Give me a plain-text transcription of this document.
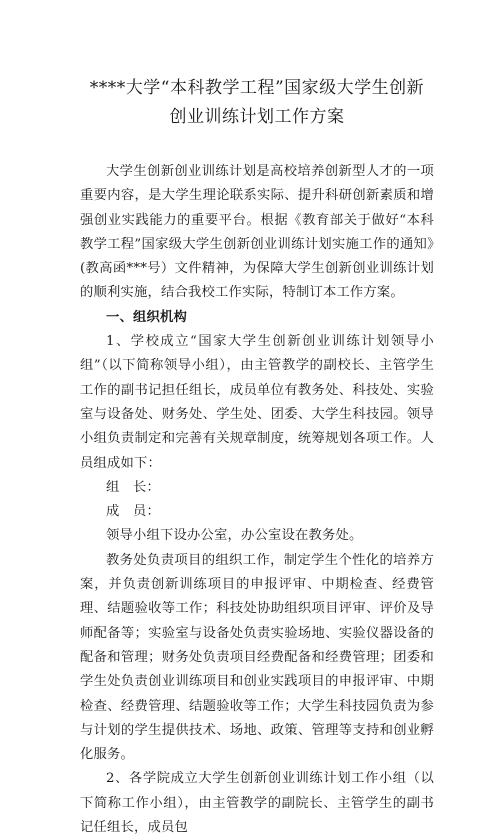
****大学“本科教学工程”国家级大学生创新
创业训练计划工作方案

大学生创新创业训练计划是高校培养创新型人才的一项重要内容，是大学生理论联系实际、提升科研创新素质和增强创业实践能力的重要平台。根据《教育部关于做好“本科教学工程”国家级大学生创新创业训练计划实施工作的通知》(教高函***号）文件精神，为保障大学生创新创业训练计划的顺利实施，结合我校工作实际，特制订本工作方案。

一、组织机构

1、学校成立“国家大学生创新创业训练计划领导小组”（以下简称领导小组），由主管教学的副校长、主管学生工作的副书记担任组长，成员单位有教务处、科技处、实验室与设备处、财务处、学生处、团委、大学生科技园。领导小组负责制定和完善有关规章制度，统筹规划各项工作。人员组成如下：

组　长：

成　员：

领导小组下设办公室，办公室设在教务处。

教务处负责项目的组织工作，制定学生个性化的培养方案，并负责创新训练项目的申报评审、中期检查、经费管理、结题验收等工作；科技处协助组织项目评审、评价及导师配备等；实验室与设备处负责实验场地、实验仪器设备的配备和管理；财务处负责项目经费配备和经费管理；团委和学生处负责创业训练项目和创业实践项目的申报评审、中期检查、经费管理、结题验收等工作；大学生科技园负责为参与计划的学生提供技术、场地、政策、管理等支持和创业孵化服务。

2、各学院成立大学生创新创业训练计划工作小组（以下简称工作小组），由主管教学的副院长、主管学生的副书记任组长，成员包
